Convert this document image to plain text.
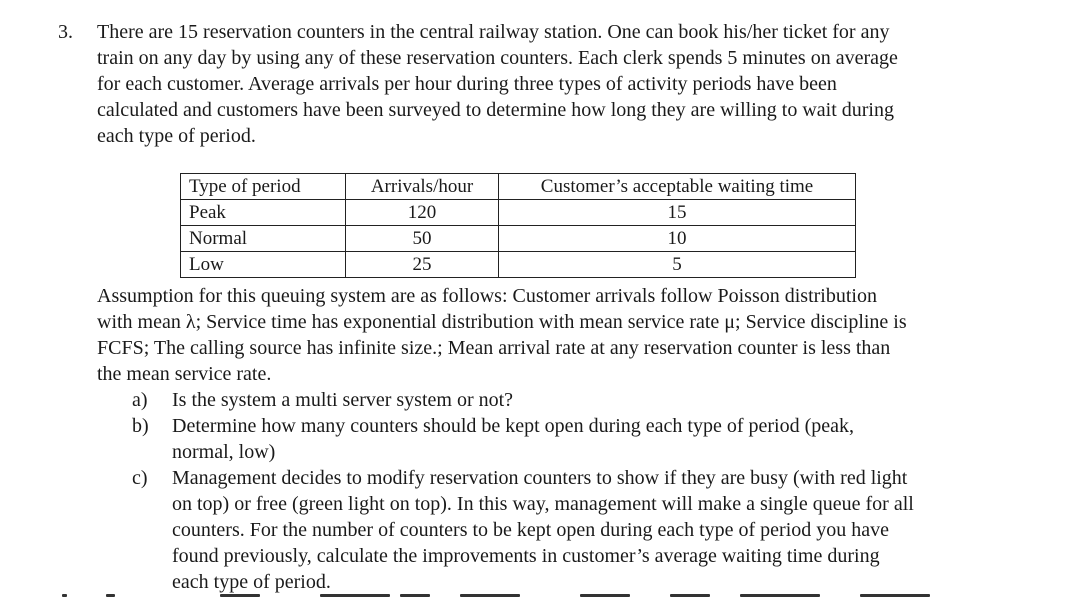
3. There are 15 reservation counters in the central railway station. One can book his/her ticket for any
train on any day by using any of these reservation counters. Each clerk spends 5 minutes on average
for each customer. Average arrivals per hour during three types of activity periods have been
calculated and customers have been surveyed to determine how long they are willing to wait during
each type of period.

Type of period	Arrivals/hour	Customer’s acceptable waiting time
Peak	120	15
Normal	50	10
Low	25	5

Assumption for this queuing system are as follows: Customer arrivals follow Poisson distribution
with mean λ; Service time has exponential distribution with mean service rate μ; Service discipline is
FCFS; The calling source has infinite size.; Mean arrival rate at any reservation counter is less than
the mean service rate.

a)	Is the system a multi server system or not?
b)	Determine how many counters should be kept open during each type of period (peak,
normal, low)
c)	Management decides to modify reservation counters to show if they are busy (with red light
on top) or free (green light on top). In this way, management will make a single queue for all
counters. For the number of counters to be kept open during each type of period you have
found previously, calculate the improvements in customer’s average waiting time during
each type of period.
